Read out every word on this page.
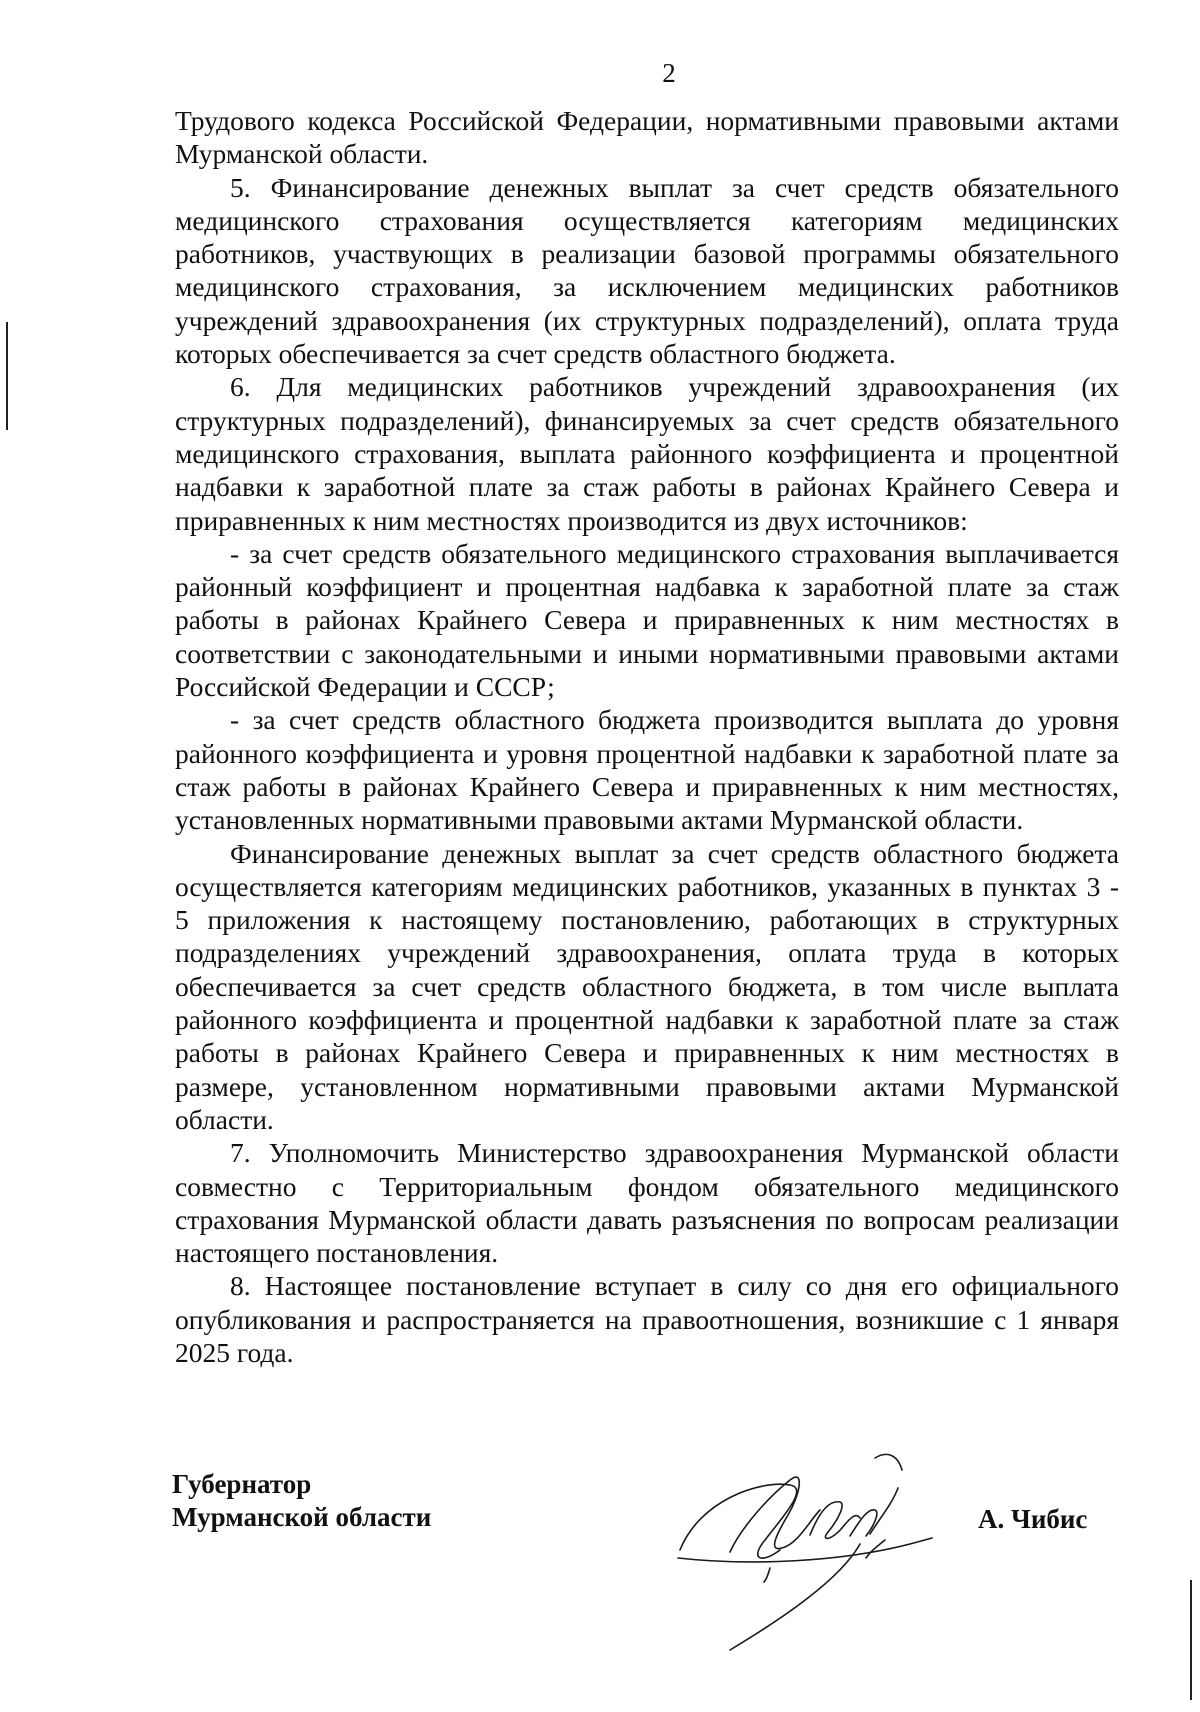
2

Трудового кодекса Российской Федерации, нормативными правовыми актами Мурманской области.

5. Финансирование денежных выплат за счет средств обязательного медицинского страхования осуществляется категориям медицинских работников, участвующих в реализации базовой программы обязательного медицинского страхования, за исключением медицинских работников учреждений здравоохранения (их структурных подразделений), оплата труда которых обеспечивается за счет средств областного бюджета.

6. Для медицинских работников учреждений здравоохранения (их структурных подразделений), финансируемых за счет средств обязательного медицинского страхования, выплата районного коэффициента и процентной надбавки к заработной плате за стаж работы в районах Крайнего Севера и приравненных к ним местностях производится из двух источников:

- за счет средств обязательного медицинского страхования выплачивается районный коэффициент и процентная надбавка к заработной плате за стаж работы в районах Крайнего Севера и приравненных к ним местностях в соответствии с законодательными и иными нормативными правовыми актами Российской Федерации и СССР;

- за счет средств областного бюджета производится выплата до уровня районного коэффициента и уровня процентной надбавки к заработной плате за стаж работы в районах Крайнего Севера и приравненных к ним местностях, установленных нормативными правовыми актами Мурманской области.

Финансирование денежных выплат за счет средств областного бюджета осуществляется категориям медицинских работников, указанных в пунктах 3 - 5 приложения к настоящему постановлению, работающих в структурных подразделениях учреждений здравоохранения, оплата труда в которых обеспечивается за счет средств областного бюджета, в том числе выплата районного коэффициента и процентной надбавки к заработной плате за стаж работы в районах Крайнего Севера и приравненных к ним местностях в размере, установленном нормативными правовыми актами Мурманской области.

7. Уполномочить Министерство здравоохранения Мурманской области совместно с Территориальным фондом обязательного медицинского страхования Мурманской области давать разъяснения по вопросам реализации настоящего постановления.

8. Настоящее постановление вступает в силу со дня его официального опубликования и распространяется на правоотношения, возникшие с 1 января 2025 года.

Губернатор
Мурманской области	А. Чибис
